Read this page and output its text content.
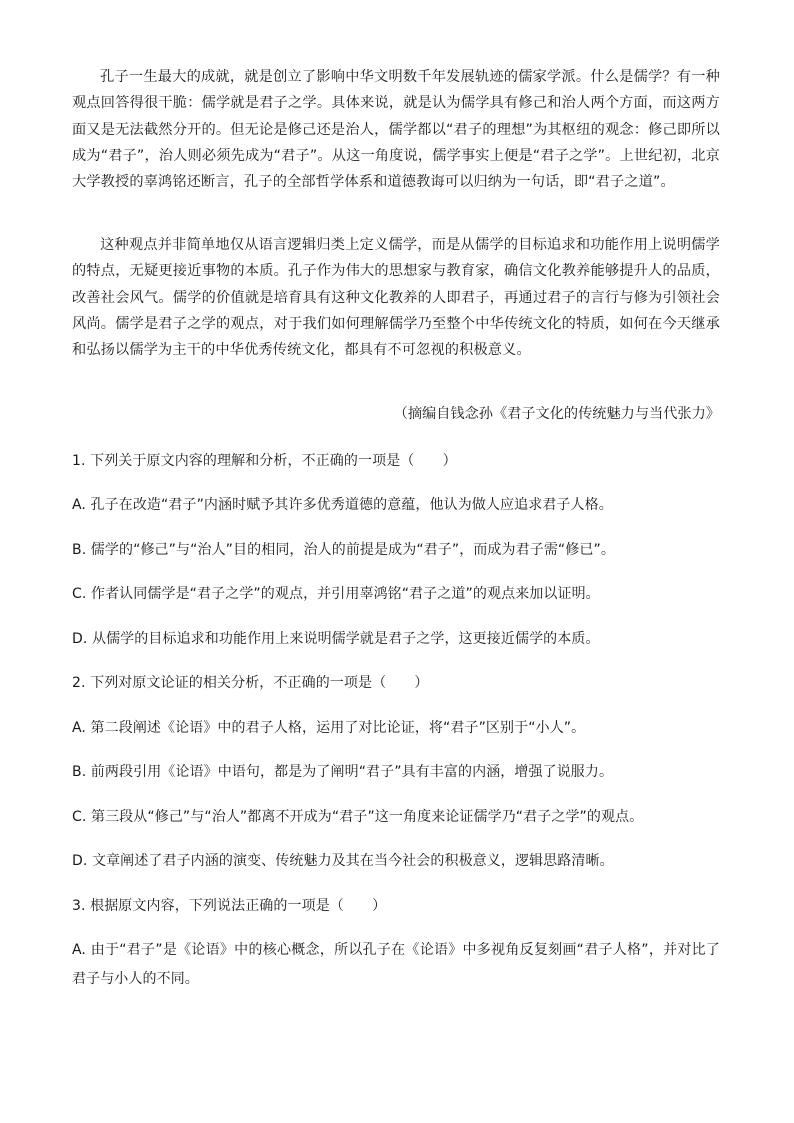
孔子一生最大的成就，就是创立了影响中华文明数千年发展轨迹的儒家学派。什么是儒学？有一种观点回答得很干脆：儒学就是君子之学。具体来说，就是认为儒学具有修己和治人两个方面，而这两方面又是无法截然分开的。但无论是修己还是治人，儒学都以“君子的理想”为其枢纽的观念：修己即所以成为“君子”，治人则必须先成为“君子”。从这一角度说，儒学事实上便是“君子之学”。上世纪初，北京大学教授的辜鸿铭还断言，孔子的全部哲学体系和道德教诲可以归纳为一句话，即“君子之道”。

这种观点并非简单地仅从语言逻辑归类上定义儒学，而是从儒学的目标追求和功能作用上说明儒学的特点，无疑更接近事物的本质。孔子作为伟大的思想家与教育家，确信文化教养能够提升人的品质，改善社会风气。儒学的价值就是培育具有这种文化教养的人即君子，再通过君子的言行与修为引领社会风尚。儒学是君子之学的观点，对于我们如何理解儒学乃至整个中华传统文化的特质，如何在今天继承和弘扬以儒学为主干的中华优秀传统文化，都具有不可忽视的积极意义。

（摘编自钱念孙《君子文化的传统魅力与当代张力》
1. 下列关于原文内容的理解和分析，不正确的一项是（　　）
A. 孔子在改造“君子”内涵时赋予其许多优秀道德的意蕴，他认为做人应追求君子人格。
B. 儒学的“修己”与“治人”目的相同，治人的前提是成为“君子”，而成为君子需“修已”。
C. 作者认同儒学是“君子之学”的观点，并引用辜鸿铭“君子之道”的观点来加以证明。
D. 从儒学的目标追求和功能作用上来说明儒学就是君子之学，这更接近儒学的本质。
2. 下列对原文论证的相关分析，不正确的一项是（　　）
A. 第二段阐述《论语》中的君子人格，运用了对比论证，将“君子”区别于“小人”。
B. 前两段引用《论语》中语句，都是为了阐明“君子”具有丰富的内涵，增强了说服力。
C. 第三段从“修己”与“治人”都离不开成为“君子”这一角度来论证儒学乃“君子之学”的观点。
D. 文章阐述了君子内涵的演变、传统魅力及其在当今社会的积极意义，逻辑思路清晰。
3. 根据原文内容，下列说法正确的一项是（　　）
A. 由于“君子”是《论语》中的核心概念，所以孔子在《论语》中多视角反复刻画“君子人格”，并对比了君子与小人的不同。
